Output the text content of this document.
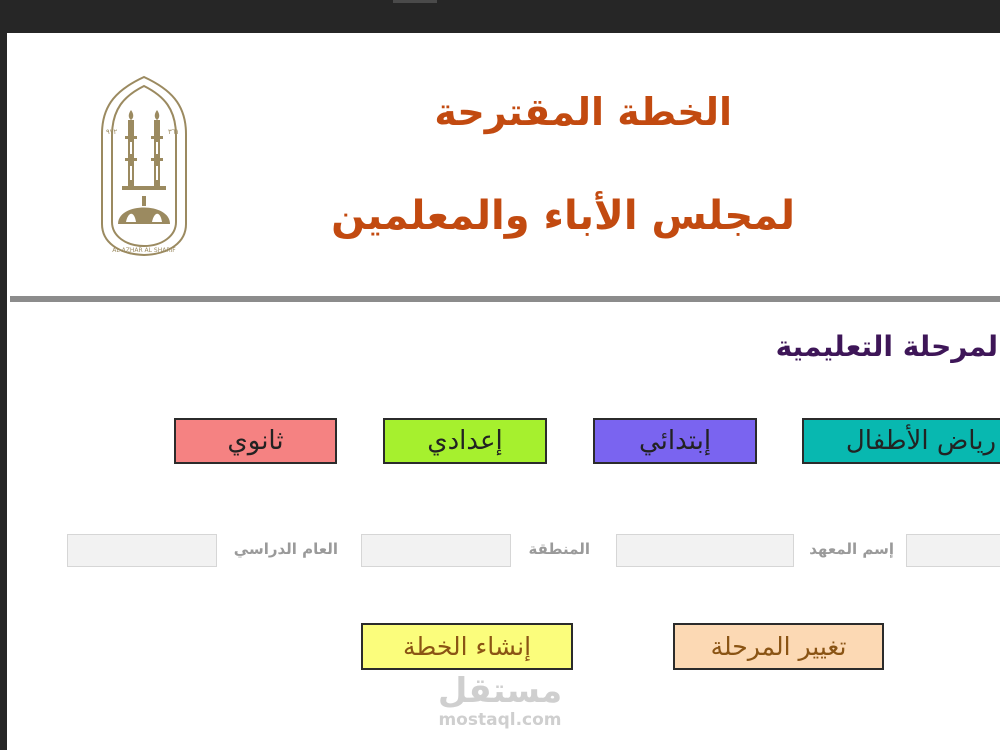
٩٧٢	٣٦١
AL AZHAR AL SHARIF
الخطة المقترحة
لمجلس الأباء والمعلمين
لمرحلة التعليمية
رياض الأطفال
إبتدائي
إعدادي
ثانوي
إسم المعهد
المنطقة
العام الدراسي
تغيير المرحلة
إنشاء الخطة
مستقل
mostaql.com
